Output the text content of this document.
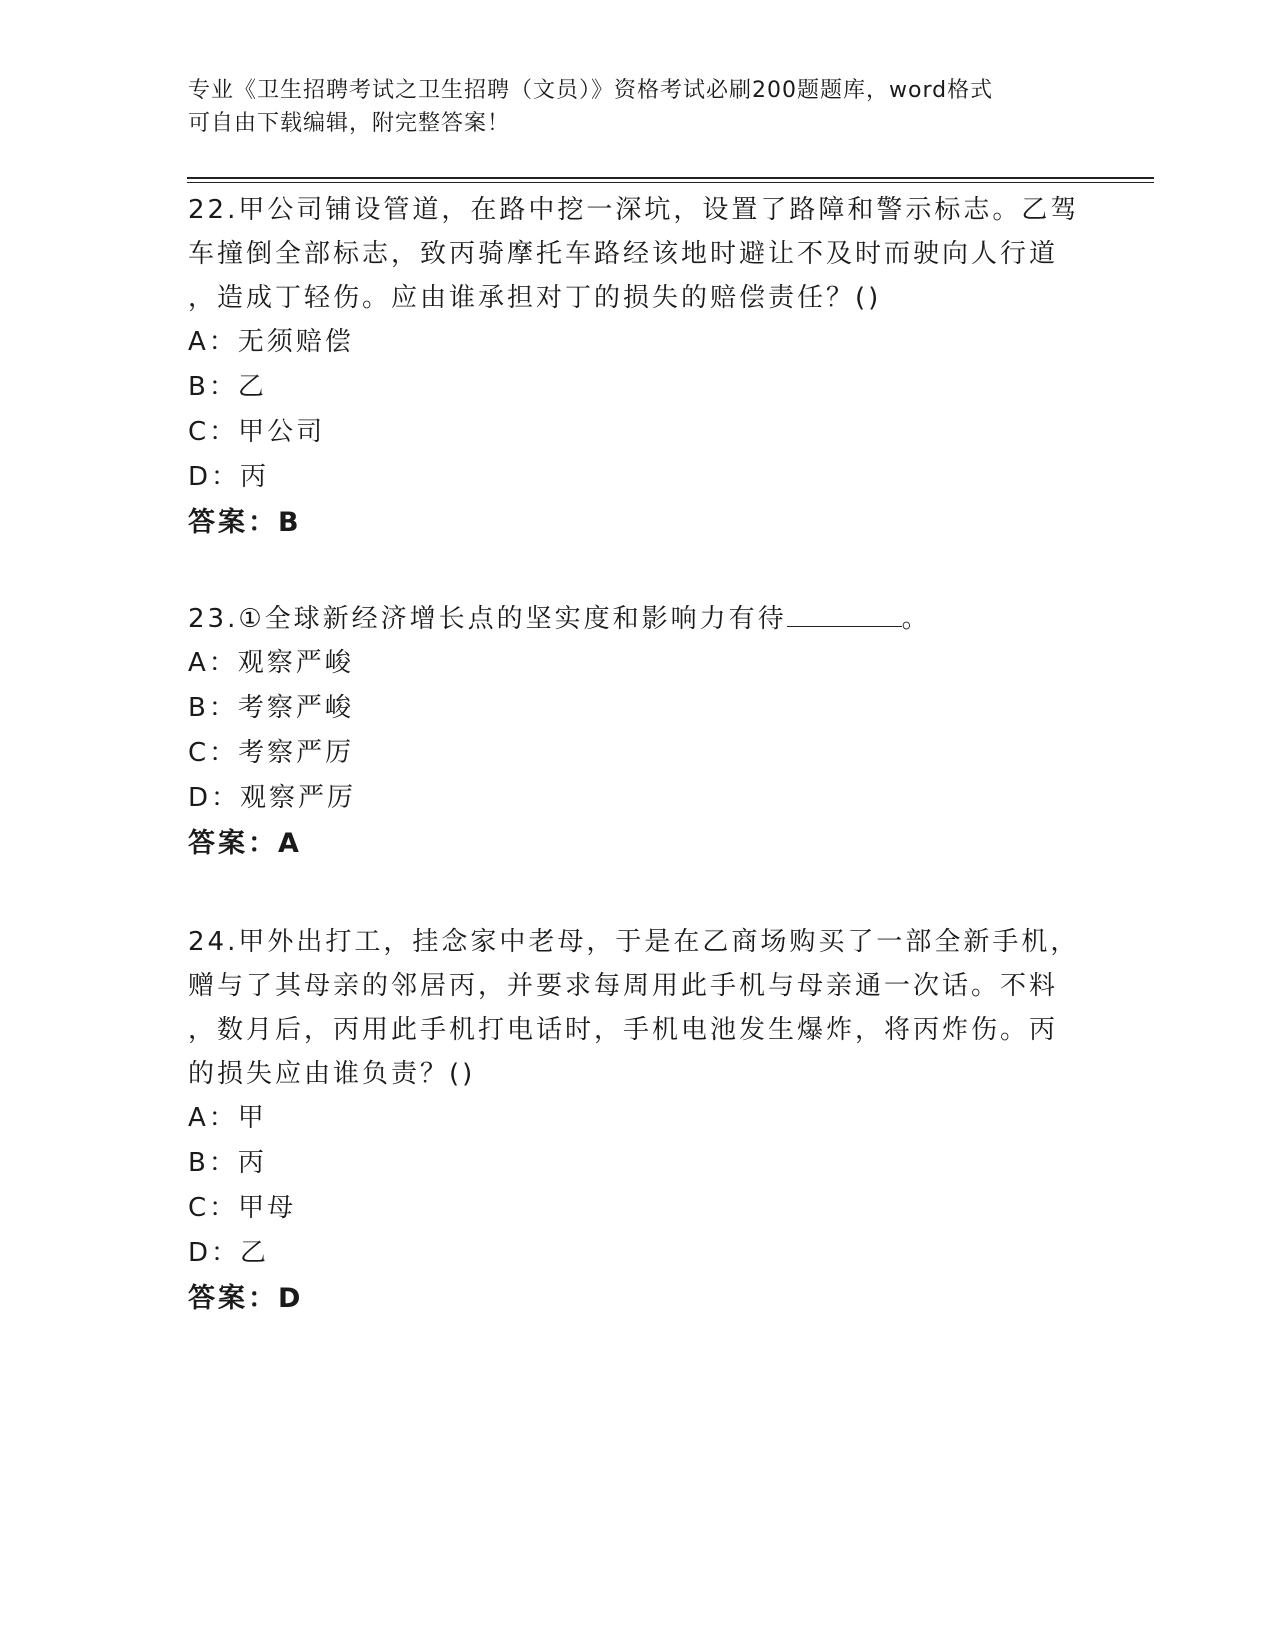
专业《卫生招聘考试之卫生招聘（文员）》资格考试必刷200题题库，word格式
可自由下载编辑，附完整答案！

22.甲公司铺设管道，在路中挖一深坑，设置了路障和警示标志。乙驾

车撞倒全部标志，致丙骑摩托车路经该地时避让不及时而驶向人行道

，造成丁轻伤。应由谁承担对丁的损失的赔偿责任？()

A：无须赔偿

B：乙

C：甲公司

D：丙

答案：B

23.①全球新经济增长点的坚实度和影响力有待	。

A：观察严峻

B：考察严峻

C：考察严厉

D：观察严厉

答案：A

24.甲外出打工，挂念家中老母，于是在乙商场购买了一部全新手机，

赠与了其母亲的邻居丙，并要求每周用此手机与母亲通一次话。不料

，数月后，丙用此手机打电话时，手机电池发生爆炸，将丙炸伤。丙

的损失应由谁负责？()

A：甲

B：丙

C：甲母

D：乙

答案：D
